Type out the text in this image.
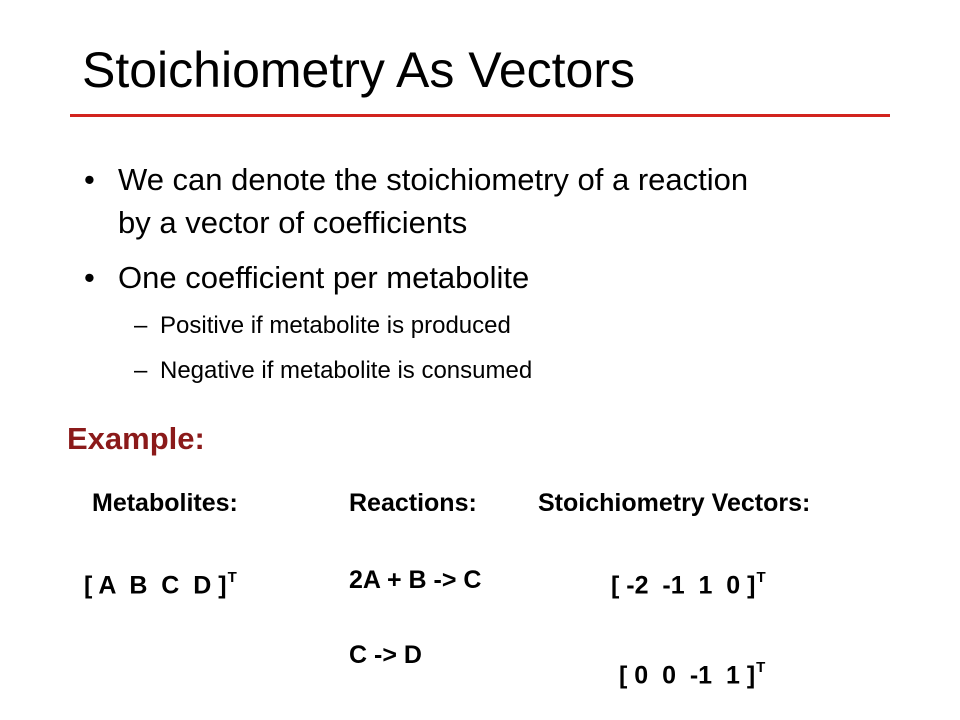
Stoichiometry As Vectors
• We can denote the stoichiometry of a reaction
by a vector of coefficients
• One coefficient per metabolite
– Positive if metabolite is produced
– Negative if metabolite is consumed
Example:
Metabolites:	Reactions: Stoichiometry Vectors:
[ A  B  C  D ]$^T$	2A + B -> C
C -> D
[ -2  -1  1  0 ]$^T$
[ 0  0  -1  1 ]$^T$
